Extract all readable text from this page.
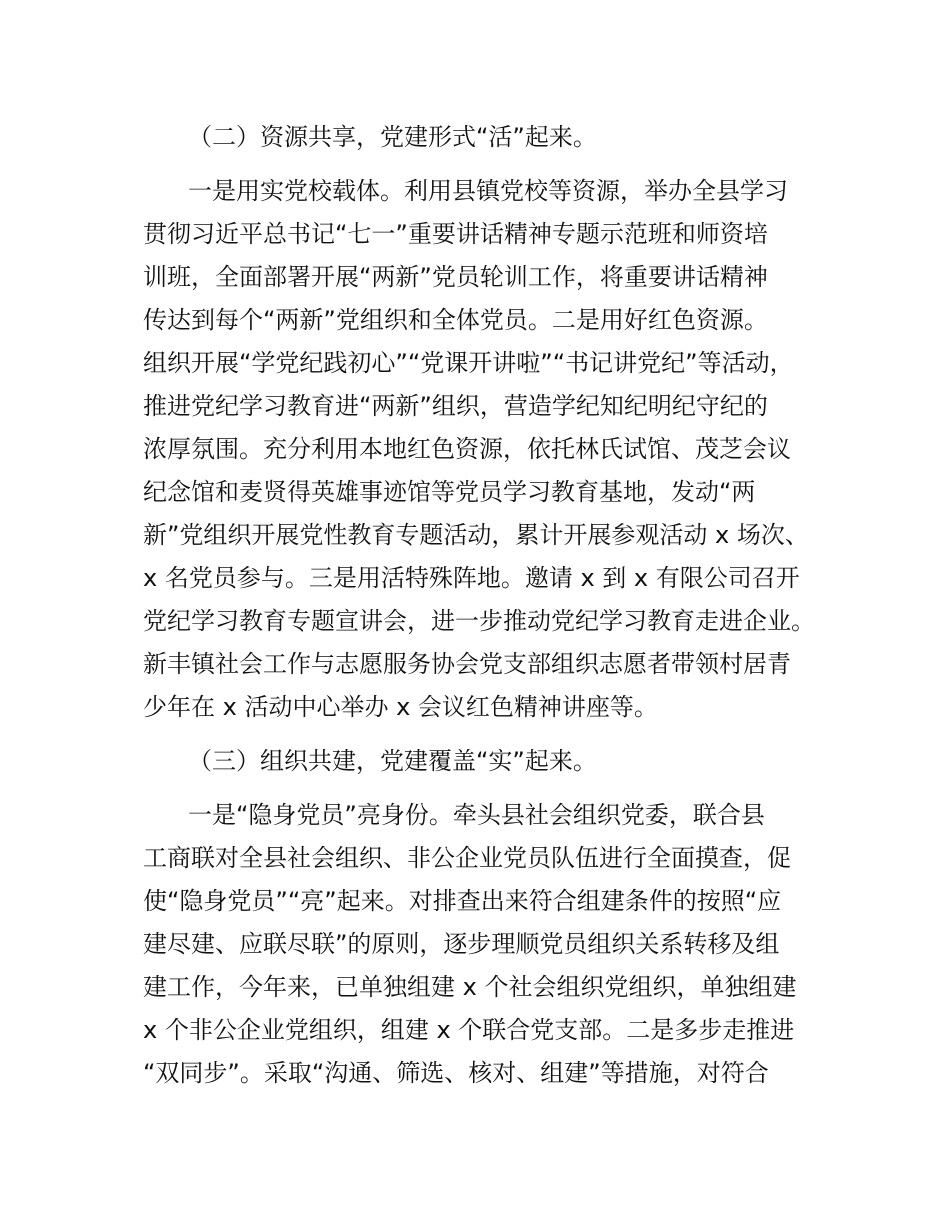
（二）资源共享，党建形式“活”起来。
一是用实党校载体。利用县镇党校等资源，举办全县学习
贯彻习近平总书记“七一”重要讲话精神专题示范班和师资培
训班，全面部署开展“两新”党员轮训工作，将重要讲话精神
传达到每个“两新”党组织和全体党员。二是用好红色资源。
组织开展“学党纪践初心”“党课开讲啦”“书记讲党纪”等活动，
推进党纪学习教育进“两新”组织，营造学纪知纪明纪守纪的
浓厚氛围。充分利用本地红色资源，依托林氏试馆、茂芝会议
纪念馆和麦贤得英雄事迹馆等党员学习教育基地，发动“两
新”党组织开展党性教育专题活动，累计开展参观活动 x 场次、
x 名党员参与。三是用活特殊阵地。邀请 x 到 x 有限公司召开
党纪学习教育专题宣讲会，进一步推动党纪学习教育走进企业。
新丰镇社会工作与志愿服务协会党支部组织志愿者带领村居青
少年在 x 活动中心举办 x 会议红色精神讲座等。
（三）组织共建，党建覆盖“实”起来。
一是“隐身党员”亮身份。牵头县社会组织党委，联合县
工商联对全县社会组织、非公企业党员队伍进行全面摸查，促
使“隐身党员”“亮”起来。对排查出来符合组建条件的按照“应
建尽建、应联尽联”的原则，逐步理顺党员组织关系转移及组
建工作，今年来，已单独组建 x 个社会组织党组织，单独组建
x 个非公企业党组织，组建 x 个联合党支部。二是多步走推进
“双同步”。采取“沟通、筛选、核对、组建”等措施，对符合
